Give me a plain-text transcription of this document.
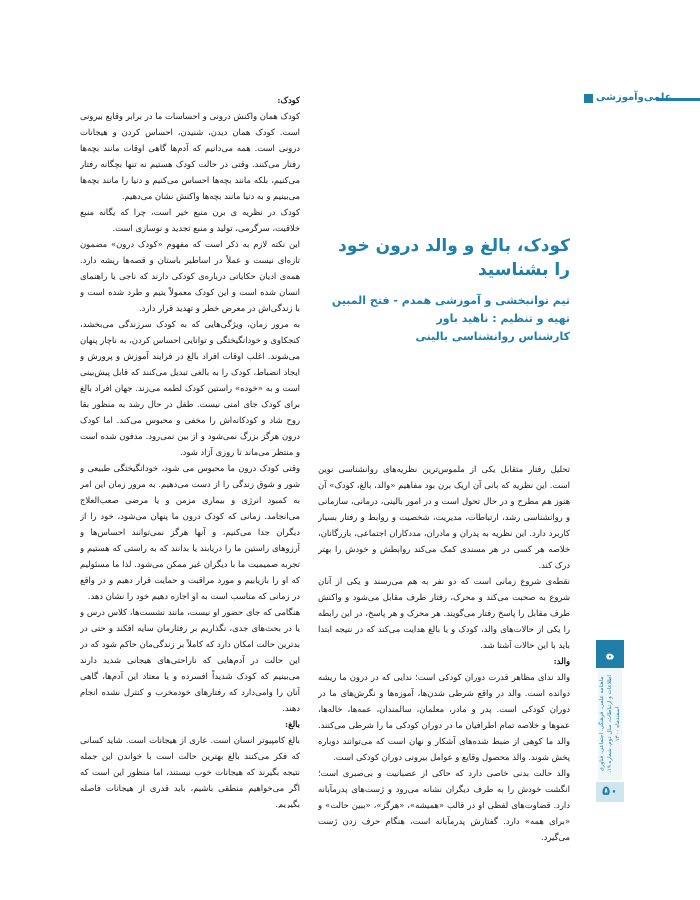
علمی‌وآموزشی
ه
ماهنامه علمی، فرهنگی، اجتماعی، فناوری اطلاعات و ارتباطات، سال دوم، شماره ۱۹، اسفندماه ۱۴۰۰
۵۰
کودک، بالغ و والد درون خود را بشناسید
تیم توانبخشی و آموزشی همدم - فتح المبین
تهیه و تنظیم : ناهید باور
کارشناس روانشناسی بالینی

کودک:

کودک همان واکنش درونی و احساسات ما در برابر وقایع بیرونی است. کودک همان دیدن، شنیدن، احساس کردن و هیجانات درونی است. همه می‌دانیم که آدم‌ها گاهی اوقات مانند بچه‌ها رفتار می‌کنند. وقتی در حالت کودک هستیم نه تنها بچگانه رفتار می‌کنیم، بلکه مانند بچه‌ها احساس می‌کنیم و دنیا را مانند بچه‌ها می‌بینیم و به دنیا مانند بچه‌ها واکنش نشان می‌دهیم.

کودک در نظریه ی برن منبع خیر است، چرا که یگانه منبع خلاقیت، سرگرمی، تولید و منبع تجدید و نوسازی است.

این نکته لازم به ذکر است که مفهوم «کودک درون» مضمون تازه‌ای نیست و عملاً در اساطیر باستان و قصه‌ها ریشه دارد. همه‌ی ادیان حکایاتی درباره‌ی کودکی دارند که ناجی یا راهنمای انسان شده است و این کودک معمولاً یتیم و طرد شده است و با زندگی‌اش در معرض خطر و تهدید قرار دارد.

به مرور زمان، ویژگی‌هایی که به کودک سرزندگی می‌بخشد، کنجکاوی و خودانگیختگی و توانایی احساس کردن، به ناچار پنهان می‌شوند. اغلب اوقات افراد بالغ در فرایند آموزش و پرورش و ایجاد انضباط، کودک را به بالغی تبدیل می‌کنند که قابل پیش‌بینی است و به «خوده» راستین کودک لطمه می‌زند. جهان افراد بالغ برای کودک جای امنی نیست. طفل در حال رشد به منظور بقا روح شاد و کودکانه‌اش را مخفی و محبوس می‌کند. اما کودک درون هرگز بزرگ نمی‌شود و از بین نمی‌رود. مدفون شده است و منتظر می‌ماند تا روزی آزاد شود.

وقتی کودک درون ما محبوس می شود، خودانگیختگی طبیعی و شور و شوق زندگی را از دست می‌دهیم. به مرور زمان این امر به کمبود انرژی و بیماری مزمن و یا مرضی صعب‌العلاج می‌انجامد. زمانی که کودک درون ما پنهان می‌شود، خود را از دیگران جدا می‌کنیم، و آنها هرگز نمی‌توانند احساس‌ها و آرزوهای راستین ما را دریابند یا بدانند که به راستی که هستیم و تجربه صمیمیت ما با دیگران غیر ممکن می‌شود. لذا ما مسئولیم که او را بازیابیم و مورد مراقبت و حمایت قرار دهیم و در واقع در زمانی که مناسب است به او اجازه دهیم خود را نشان دهد.

هنگامی که جای حضور او نیست، مانند نشست‌ها، کلاس درس و یا در بحث‌های جدی، نگذاریم بر رفتارمان سایه افکند و حتی در بدترین حالت امکان دارد که کاملاً بر زندگی‌مان حاکم شود که در این حالت در آدم‌هایی که ناراحتی‌های هیجانی شدید دارند می‌بینیم که کودک شدیداً افسرده و یا معتاد این آدم‌ها، گاهی آنان را وامی‌دارد که رفتارهای خودمخرب و کنترل نشده انجام دهند.

بالغ:

بالغ کامپیوتر انسان است. عاری از هیجانات است. شاید کسانی که فکر می‌کنند بالغ بهترین حالت است با خواندن این جمله نتیجه بگیرند که هیجانات خوب نیستند، اما منظور این است که اگر می‌خواهیم منطقی باشیم، باید قدری از هیجانات فاصله بگیریم.

تحلیل رفتار متقابل یکی از ملموس‌ترین نظریه‌های روانشناسی نوین است. این نظریه که بانی آن اریک برن بود مفاهیم «والد، بالغ، کودک» آن هنوز هم مطرح و در حال تحول است و در امور بالینی، درمانی، سازمانی و روانشناسی رشد، ارتباطات، مدیریت، شخصیت و روابط و رفتار بسیار کاربرد دارد. این نظریه به پدران و مادران، مددکاران اجتماعی، بازرگانان، خلاصه هر کسی در هر مسندی کمک می‌کند روابطش و خودش را بهتر درک کند.

نقطه‌ی شروع زمانی است که دو نفر به هم می‌رسند و یکی از آنان شروع به صحبت می‌کند و محرک، رفتار طرف مقابل می‌شود و واکنش طرف مقابل را پاسخ رفتار می‌گویند. هر محرک و هر پاسخ، در این رابطه را یکی از حالات‌های والد، کودک و یا بالغ هدایت می‌کند که در نتیجه ابتدا باید با این حالات آشنا شد.

والد:

والد ندای مظاهر قدرت دوران کودکی است؛ ندایی که در درون ما ریشه دوانده است. والد در واقع شرطی شدن‌ها، آموزه‌ها و نگرش‌های ما در دوران کودکی است. پدر و مادر، معلمان، سالمندان، عمه‌ها، خاله‌ها، عموها و خلاصه تمام اطرافیان ما در دوران کودکی ما را شرطی می‌کنند. والد ما کوهی از ضبط شده‌های آشکار و نهان است که می‌توانند دوباره پخش شوند. والد محصول وقایع و عوامل بیرونی دوران کودکی است.

والد حالت بدنی خاصی دارد که حاکی از عصبانیت و بی‌صبری است؛ انگشت خودش را به طرف دیگران نشانه می‌رود و ژست‌های پدرمآبانه دارد. قضاوت‌های لفظی او در قالب «همیشه»، «هرگز»، «ببین حالت» و «برای همه» دارد. گفتارش پدرمآبانه است، هنگام حرف زدن ژست می‌گیرد.
